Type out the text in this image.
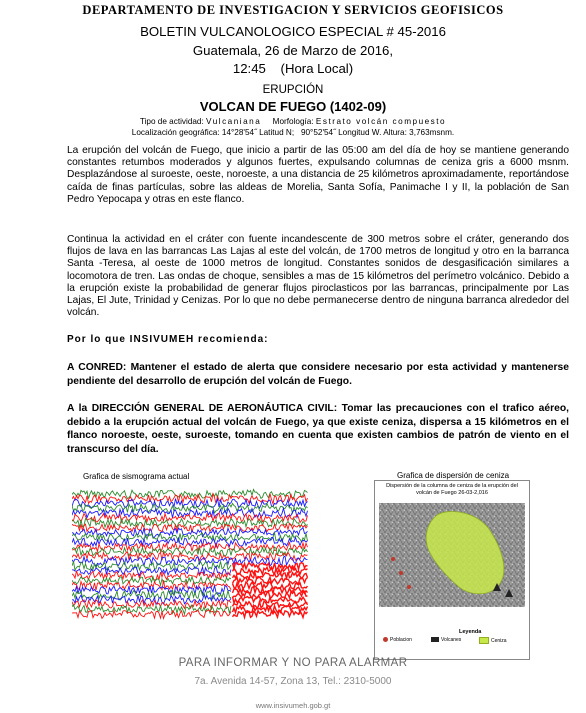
DEPARTAMENTO DE INVESTIGACION Y SERVICIOS GEOFISICOS
BOLETIN VULCANOLOGICO ESPECIAL # 45-2016
Guatemala, 26 de Marzo de 2016,
12:45 (Hora Local)
ERUPCIÓN
VOLCAN DE FUEGO (1402-09)
Tipo de actividad: Vulcaniana Morfología: Estrato volcán compuesto
Localización geográfica: 14°28'54˝ Latitud N; 90°52'54˝ Longitud W. Altura: 3,763msnm.
La erupción del volcán de Fuego, que inicio a partir de las 05:00 am del día de hoy se mantiene generando constantes retumbos moderados y algunos fuertes, expulsando columnas de ceniza gris a 6000 msnm. Desplazándose al suroeste, oeste, noroeste, a una distancia de 25 kilómetros aproximadamente, reportándose caída de finas partículas, sobre las aldeas de Morelia, Santa Sofía, Panimache I y II, la población de San Pedro Yepocapa y otras en este flanco.
Continua la actividad en el cráter con fuente incandescente de 300 metros sobre el cráter, generando dos flujos de lava en las barrancas Las Lajas al este del volcán, de 1700 metros de longitud y otro en la barranca Santa -Teresa, al oeste de 1000 metros de longitud. Constantes sonidos de desgasificación similares a locomotora de tren. Las ondas de choque, sensibles a mas de 15 kilómetros del perímetro volcánico. Debido a la erupción existe la probabilidad de generar flujos piroclasticos por las barrancas, principalmente por Las Lajas, El Jute, Trinidad y Cenizas. Por lo que no debe permanecerse dentro de ninguna barranca alrededor del volcán.
Por lo que INSIVUMEH recomienda:
A CONRED: Mantener el estado de alerta que considere necesario por esta actividad y mantenerse pendiente del desarrollo de erupción del volcán de Fuego.
A la DIRECCIÓN GENERAL DE AERONÁUTICA CIVIL: Tomar las precauciones con el trafico aéreo, debido a la erupción actual del volcán de Fuego, ya que existe ceniza, dispersa a 15 kilómetros en el flanco noroeste, oeste, suroeste, tomando en cuenta que existen cambios de patrón de viento en el transcurso del día.
Grafica de sismograma actual	Grafica de dispersión de ceniza
Dispersión de la columna de ceniza de la erupción del volcán de Fuego 26-03-2,016
Leyenda
Poblacion	Volcanes	Ceniza
PARA INFORMAR Y NO PARA ALARMAR
7a. Avenida 14-57, Zona 13, Tel.: 2310-5000
www.insivumeh.gob.gt
